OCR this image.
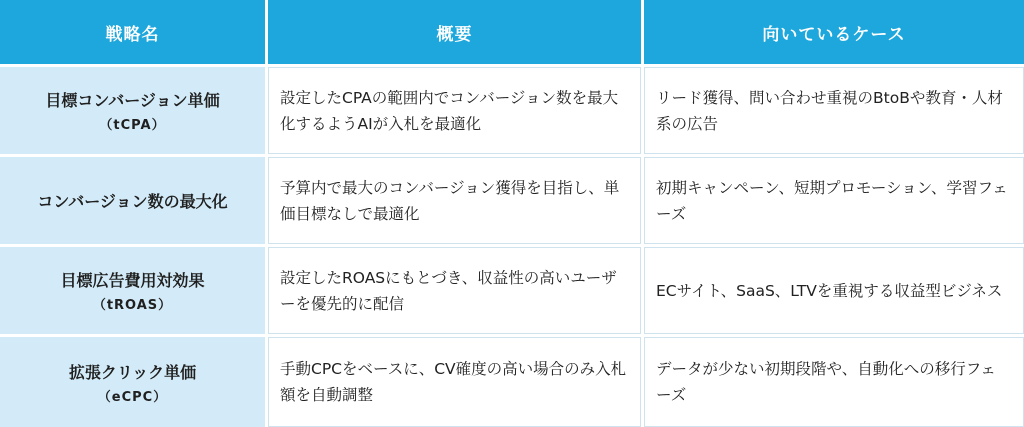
戦略名	概要	向いているケース
目標コンバージョン単価
（tCPA）	設定したCPAの範囲内でコンバージョン数を最大化するようAIが入札を最適化	リード獲得、問い合わせ重視のBtoBや教育・人材系の広告
コンバージョン数の最大化	予算内で最大のコンバージョン獲得を目指し、単価目標なしで最適化	初期キャンペーン、短期プロモーション、学習フェーズ
目標広告費用対効果
（tROAS）	設定したROASにもとづき、収益性の高いユーザーを優先的に配信	ECサイト、SaaS、LTVを重視する収益型ビジネス
拡張クリック単価
（eCPC）	手動CPCをベースに、CV確度の高い場合のみ入札額を自動調整	データが少ない初期段階や、自動化への移行フェーズ
